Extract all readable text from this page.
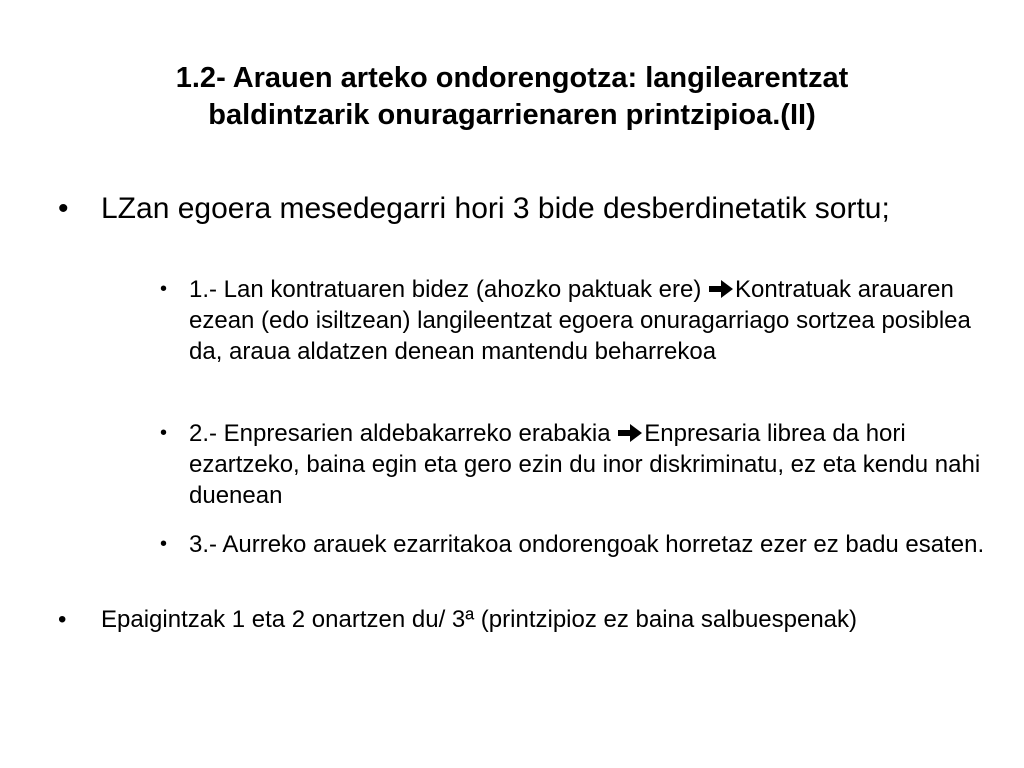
1.2- Arauen arteko ondorengotza: langilearentzat
baldintzarik onuragarrienaren printzipioa.(II)
• LZan egoera mesedegarri hori 3 bide desberdinetatik sortu;
• 1.- Lan kontratuaren bidez (ahozko paktuak ere) Kontratuak arauaren ezean (edo isiltzean) langileentzat egoera onuragarriago sortzea posiblea da, araua aldatzen denean mantendu beharrekoa
• 2.- Enpresarien aldebakarreko erabakia Enpresaria librea da hori ezartzeko, baina egin eta gero ezin du inor diskriminatu, ez eta kendu nahi duenean
• 3.- Aurreko arauek ezarritakoa ondorengoak horretaz ezer ez badu esaten.
• Epaigintzak 1 eta 2 onartzen du/ 3ª (printzipioz ez baina salbuespenak)
